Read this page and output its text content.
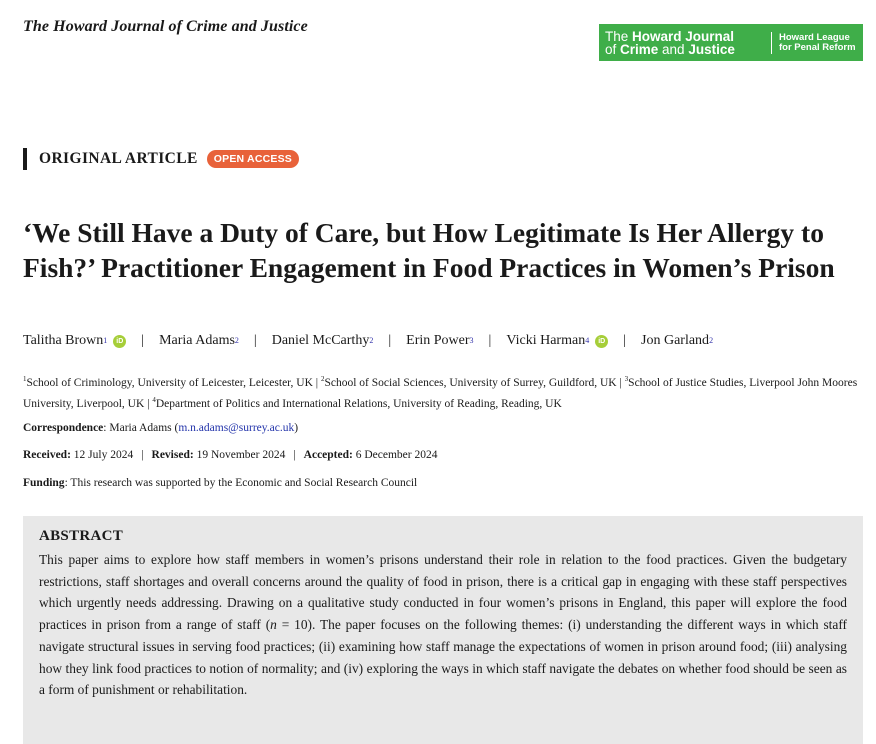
The Howard Journal of Crime and Justice
The Howard Journal
of Crime and Justice
Howard League
for Penal Reform
ORIGINAL ARTICLE	OPEN ACCESS
‘We Still Have a Duty of Care, but How Legitimate Is Her Allergy to Fish?’ Practitioner Engagement in Food Practices in Women’s Prison
Talitha Brown$^1$	iD | Maria Adams$^2$ | Daniel McCarthy$^2$ | Erin Power$^3$ | Vicki Harman$^4$	iD | Jon Garland$^2$

$^1$School of Criminology, University of Leicester, Leicester, UK | $^2$School of Social Sciences, University of Surrey, Guildford, UK | $^3$School of Justice Studies, Liverpool John Moores University, Liverpool, UK | $^4$Department of Politics and International Relations, University of Reading, Reading, UK

Correspondence: Maria Adams (m.n.adams@surrey.ac.uk)
Received: 12 July 2024 | Revised: 19 November 2024 | Accepted: 6 December 2024
Funding: This research was supported by the Economic and Social Research Council
ABSTRACT

This paper aims to explore how staff members in women’s prisons understand their role in relation to the food practices. Given the budgetary restrictions, staff shortages and overall concerns around the quality of food in prison, there is a critical gap in engaging with these staff perspectives which urgently needs addressing. Drawing on a qualitative study conducted in four women’s prisons in England, this paper will explore the food practices in prison from a range of staff (n = 10). The paper focuses on the following themes: (i) understanding the different ways in which staff navigate structural issues in serving food practices; (ii) examining how staff manage the expectations of women in prison around food; (iii) analysing how they link food practices to notion of normality; and (iv) exploring the ways in which staff navigate the debates on whether food should be seen as a form of punishment or rehabilitation.
